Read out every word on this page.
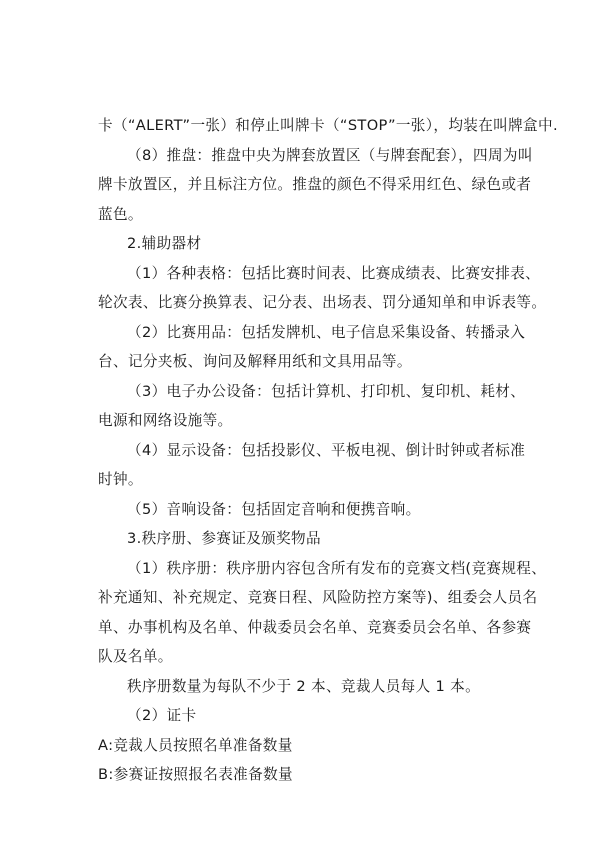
卡（“ALERT”一张）和停止叫牌卡（“STOP”一张），均装在叫牌盒中.
（8）推盘：推盘中央为牌套放置区（与牌套配套），四周为叫
牌卡放置区，并且标注方位。推盘的颜色不得采用红色、绿色或者
蓝色。
2.辅助器材
（1）各种表格：包括比赛时间表、比赛成绩表、比赛安排表、
轮次表、比赛分换算表、记分表、出场表、罚分通知单和申诉表等。
（2）比赛用品：包括发牌机、电子信息采集设备、转播录入
台、记分夹板、询问及解释用纸和文具用品等。
（3）电子办公设备：包括计算机、打印机、复印机、耗材、
电源和网络设施等。
（4）显示设备：包括投影仪、平板电视、倒计时钟或者标准
时钟。
（5）音响设备：包括固定音响和便携音响。
3.秩序册、参赛证及颁奖物品
（1）秩序册：秩序册内容包含所有发布的竞赛文档(竞赛规程、
补充通知、补充规定、竞赛日程、风险防控方案等)、组委会人员名
单、办事机构及名单、仲裁委员会名单、竞赛委员会名单、各参赛
队及名单。
秩序册数量为每队不少于 2 本、竞裁人员每人 1 本。
（2）证卡
A:竞裁人员按照名单准备数量
B:参赛证按照报名表准备数量
